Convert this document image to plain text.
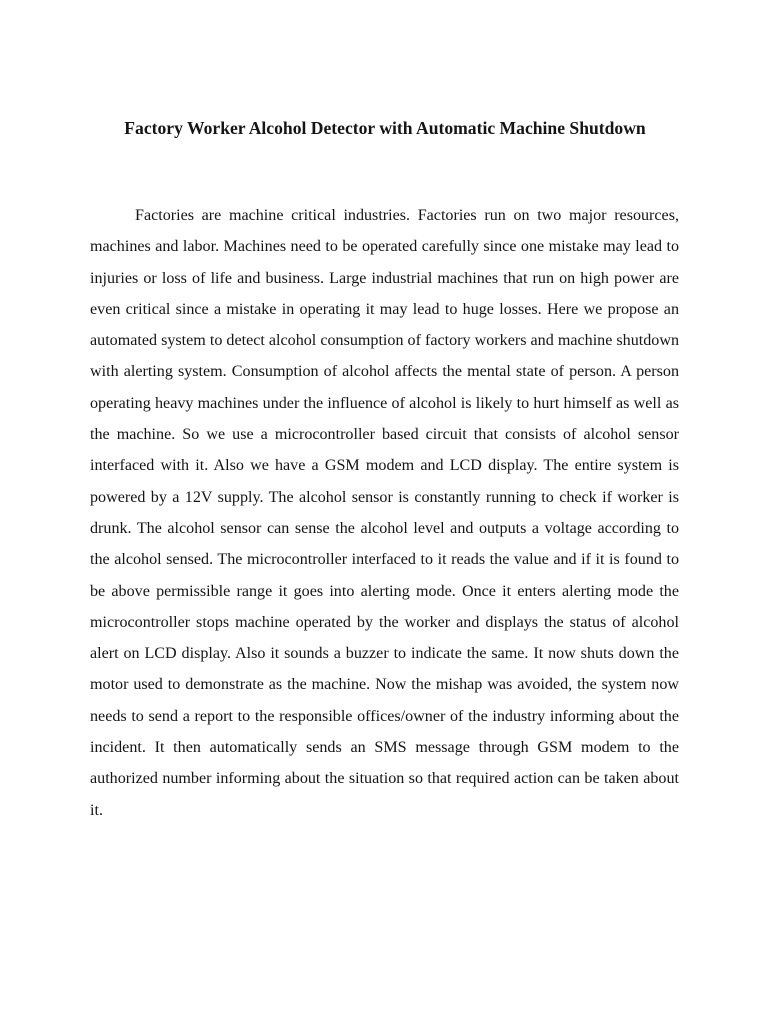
Factory Worker Alcohol Detector with Automatic Machine Shutdown

Factories are machine critical industries. Factories run on two major resources, machines and labor. Machines need to be operated carefully since one mistake may lead to injuries or loss of life and business. Large industrial machines that run on high power are even critical since a mistake in operating it may lead to huge losses. Here we propose an automated system to detect alcohol consumption of factory workers and machine shutdown with alerting system. Consumption of alcohol affects the mental state of person. A person operating heavy machines under the influence of alcohol is likely to hurt himself as well as the machine. So we use a microcontroller based circuit that consists of alcohol sensor interfaced with it. Also we have a GSM modem and LCD display. The entire system is powered by a 12V supply. The alcohol sensor is constantly running to check if worker is drunk. The alcohol sensor can sense the alcohol level and outputs a voltage according to the alcohol sensed. The microcontroller interfaced to it reads the value and if it is found to be above permissible range it goes into alerting mode. Once it enters alerting mode the microcontroller stops machine operated by the worker and displays the status of alcohol alert on LCD display. Also it sounds a buzzer to indicate the same. It now shuts down the motor used to demonstrate as the machine. Now the mishap was avoided, the system now needs to send a report to the responsible offices/owner of the industry informing about the incident. It then automatically sends an SMS message through GSM modem to the authorized number informing about the situation so that required action can be taken about it.
